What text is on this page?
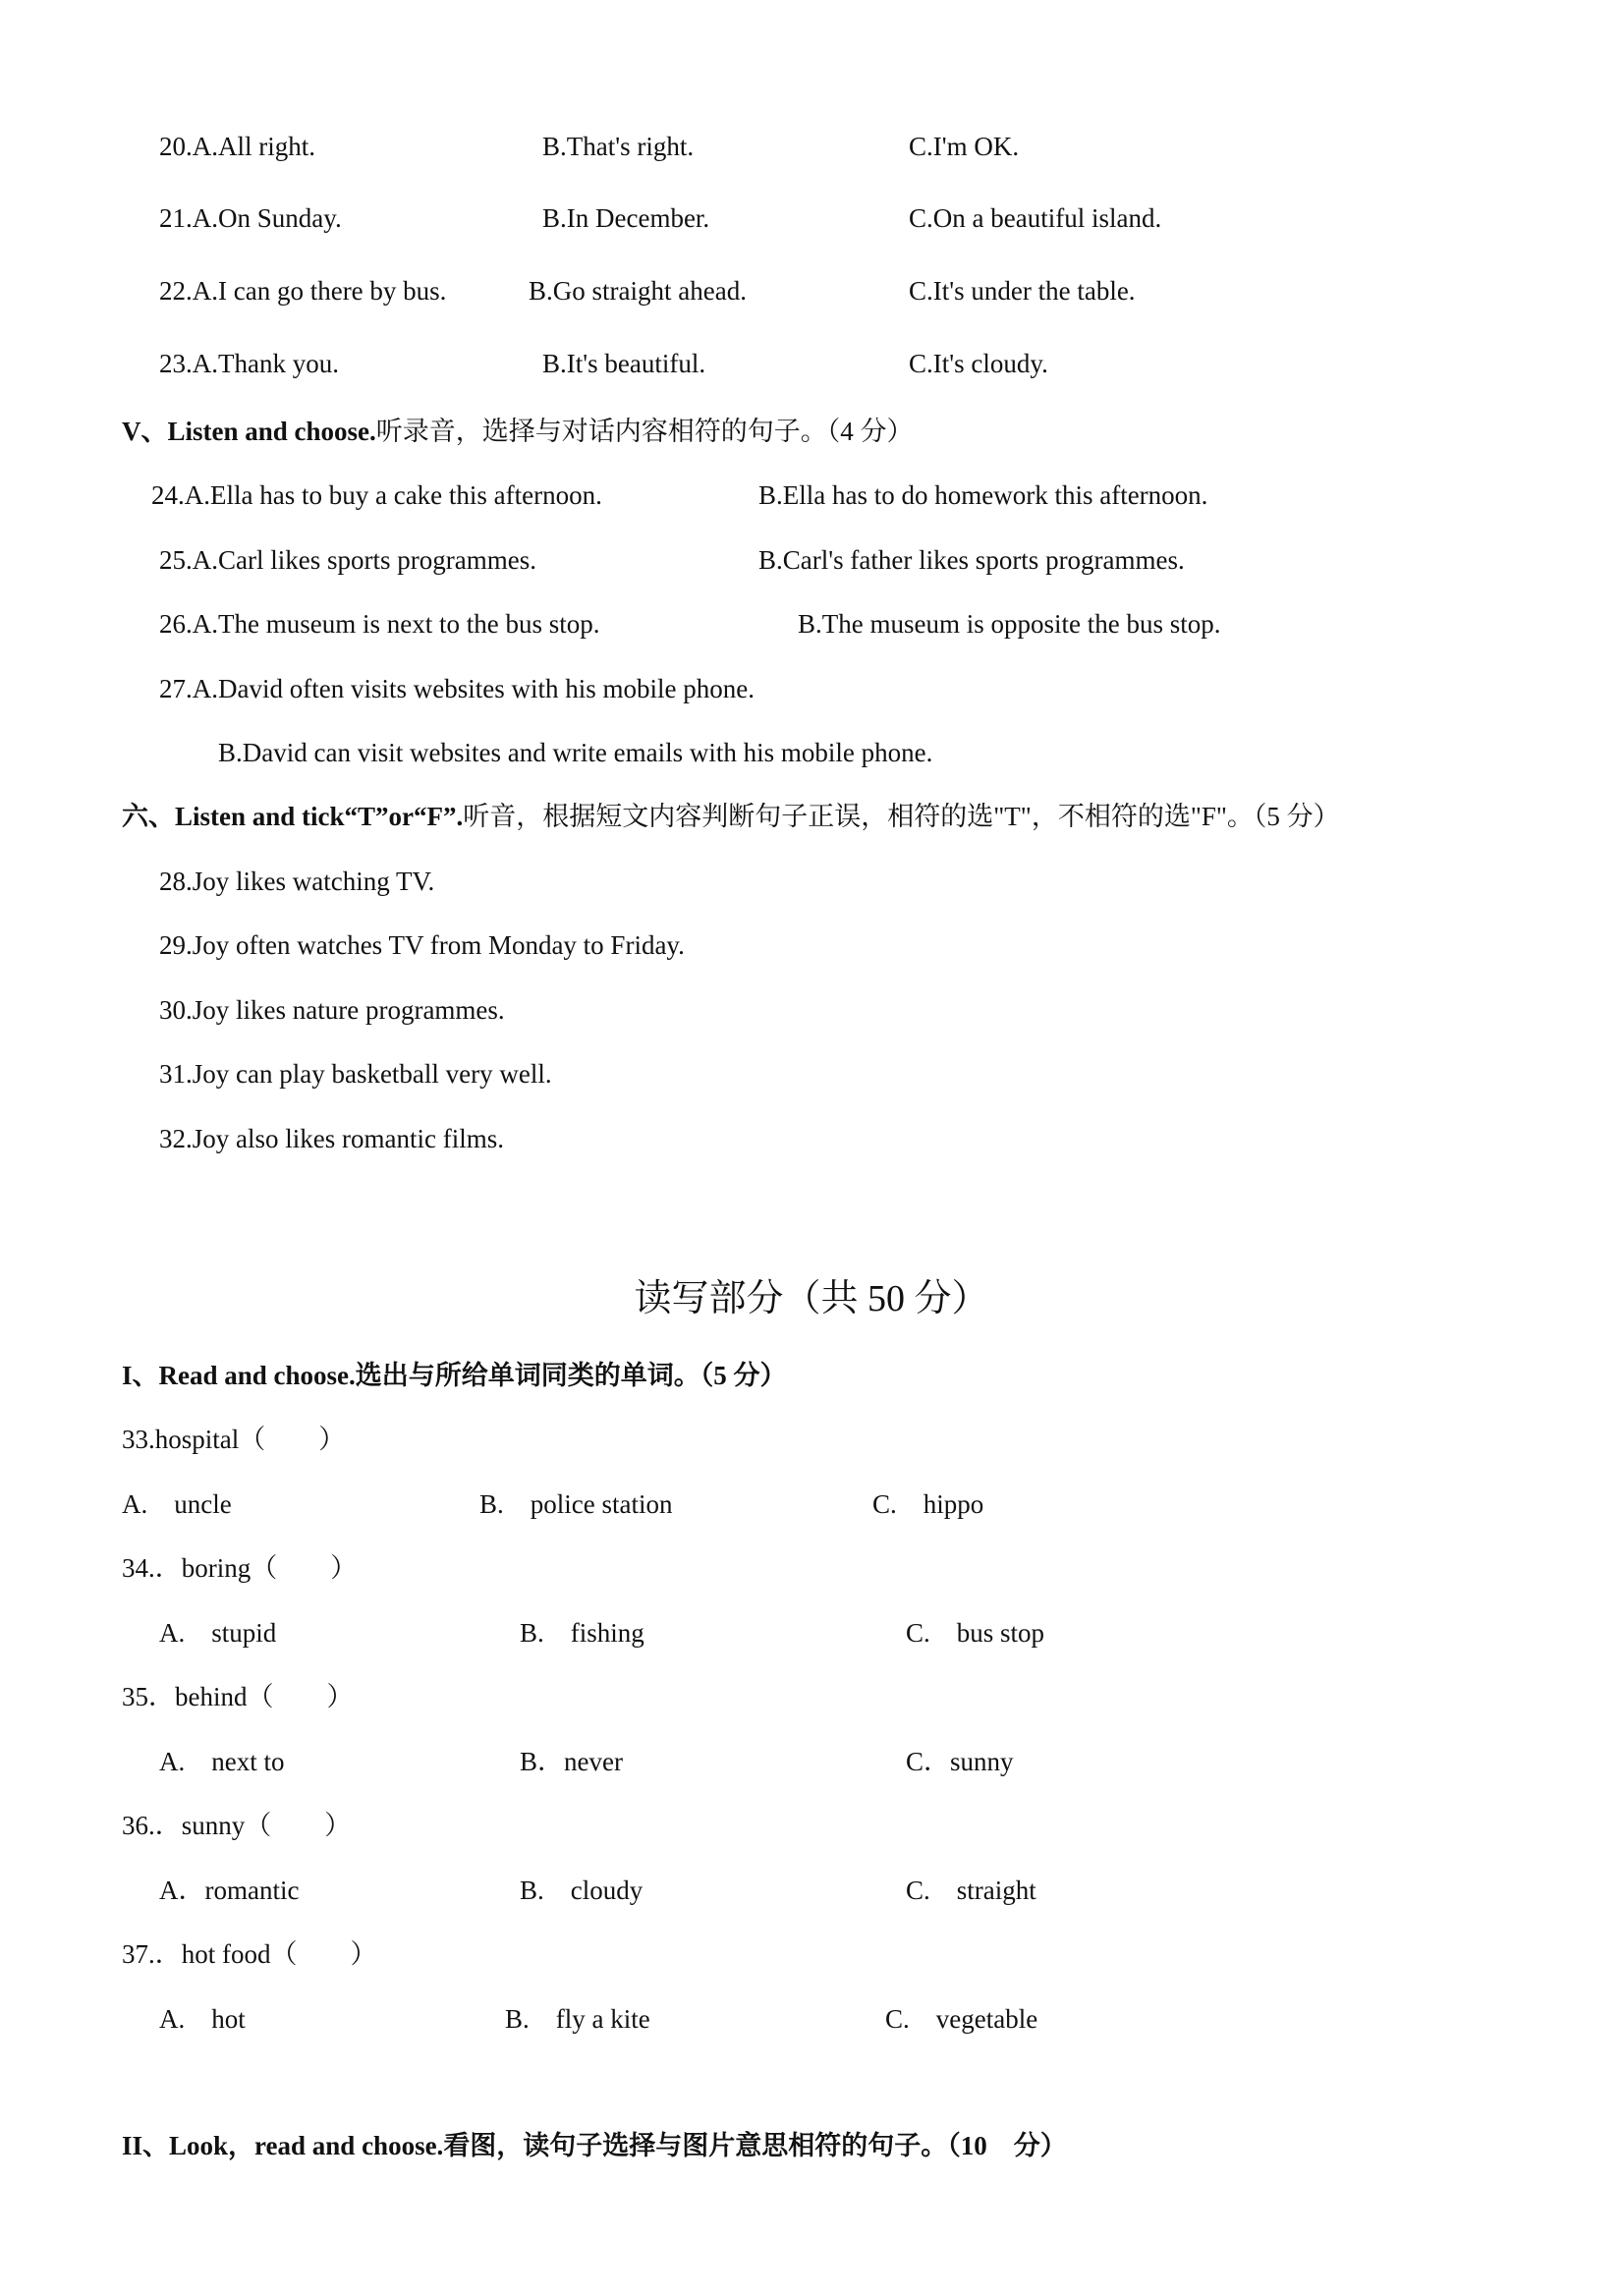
20.A.All right.	B.That's right.	C.I'm OK.
21.A.On Sunday.	B.In December.	C.On a beautiful island.
22.A.I can go there by bus.	B.Go straight ahead.	C.It's under the table.
23.A.Thank you.	B.It's beautiful.	C.It's cloudy.
V、Listen and choose.听录音，选择与对话内容相符的句子。（4 分）
24.A.Ella has to buy a cake this afternoon.	B.Ella has to do homework this afternoon.
25.A.Carl likes sports programmes.	B.Carl's father likes sports programmes.
26.A.The museum is next to the bus stop.	B.The museum is opposite the bus stop.
27.A.David often visits websites with his mobile phone.
B.David can visit websites and write emails with his mobile phone.
六、Listen and tick“T”or“F”.听音，根据短文内容判断句子正误，相符的选"T"，不相符的选"F"。（5 分）
28.Joy likes watching TV.
29.Joy often watches TV from Monday to Friday.
30.Joy likes nature programmes.
31.Joy can play basketball very well.
32.Joy also likes romantic films.
读写部分（共 50 分）
I、Read and choose.选出与所给单词同类的单词。（5 分）
33.hospital（　　）
A.　uncle	B.　police station	C.　hippo
34.．boring（　　）
A.　stupid	B.　fishing	C.　bus stop
35．behind（　　）
A.　next to	B．never	C．sunny
36.．sunny（　　）
A．romantic	B.　cloudy	C.　straight
37.．hot food（　　）
A.　hot	B.　fly a kite	C.　vegetable
II、Look，read and choose.看图，读句子选择与图片意思相符的句子。（10　分）
